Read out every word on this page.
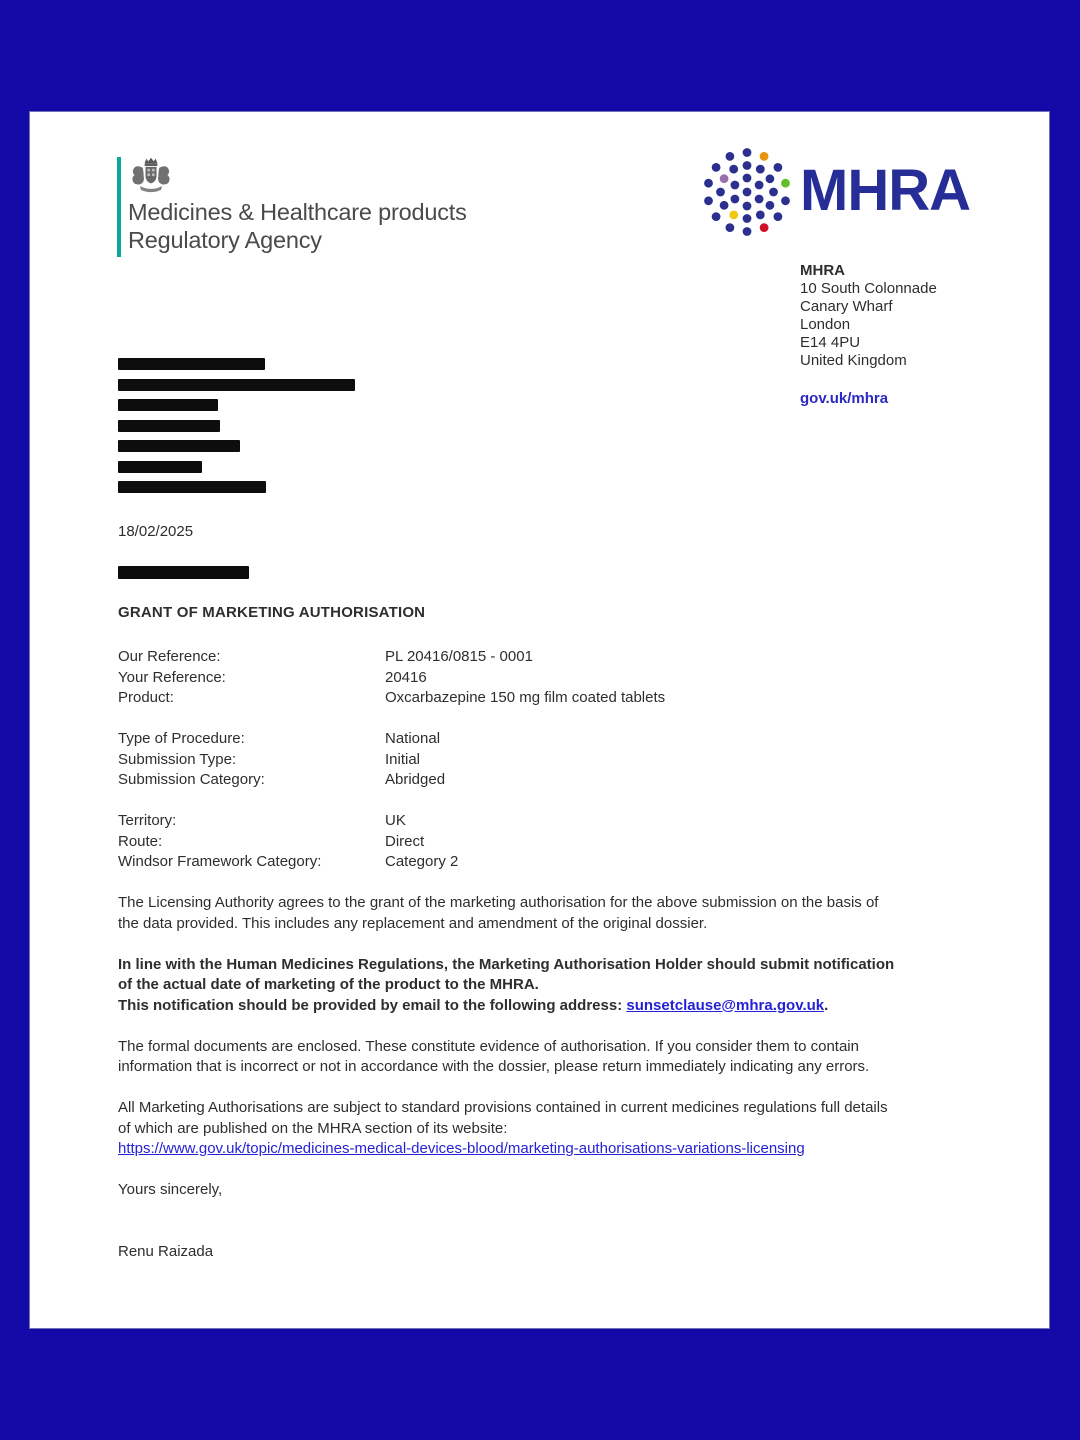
Medicines & Healthcare products
Regulatory Agency
MHRA
MHRA
10 South Colonnade
Canary Wharf
London
E14 4PU
United Kingdom
gov.uk/mhra
18/02/2025
GRANT OF MARKETING AUTHORISATION
Our Reference:	PL 20416/0815 - 0001
Your Reference:	20416
Product:	Oxcarbazepine 150 mg film coated tablets
Type of Procedure:	National
Submission Type:	Initial
Submission Category:	Abridged
Territory:	UK
Route:	Direct
Windsor Framework Category:	Category 2

The Licensing Authority agrees to the grant of the marketing authorisation for the above submission on the basis of
the data provided. This includes any replacement and amendment of the original dossier.

In line with the Human Medicines Regulations, the Marketing Authorisation Holder should submit notification
of the actual date of marketing of the product to the MHRA.
This notification should be provided by email to the following address: sunsetclause@mhra.gov.uk.

The formal documents are enclosed. These constitute evidence of authorisation. If you consider them to contain
information that is incorrect or not in accordance with the dossier, please return immediately indicating any errors.

All Marketing Authorisations are subject to standard provisions contained in current medicines regulations full details
of which are published on the MHRA section of its website:
https://www.gov.uk/topic/medicines-medical-devices-blood/marketing-authorisations-variations-licensing

Yours sincerely,

Renu Raizada
